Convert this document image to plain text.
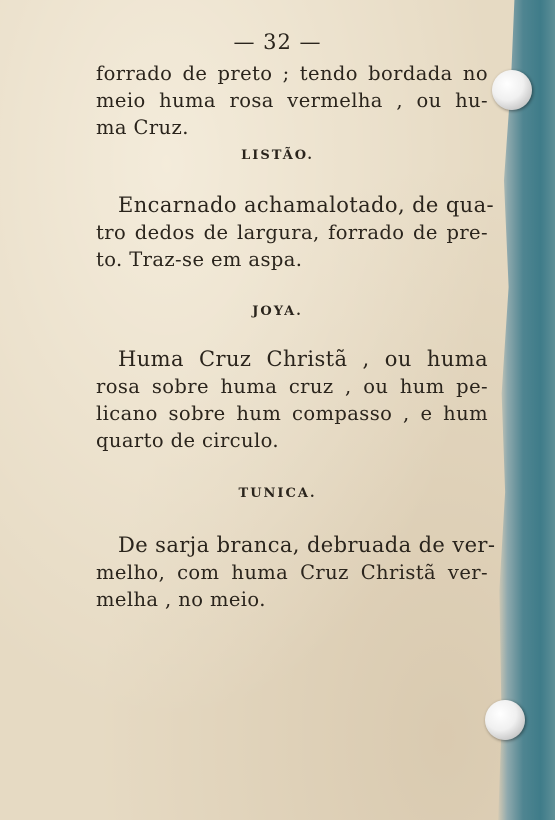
— 32 —
forrado de preto ; tendo bordada no
meio huma rosa vermelha , ou hu-
ma Cruz.
LISTÃO.
Encarnado achamalotado, de qua-
tro dedos de largura, forrado de pre-
to. Traz-se em aspa.
JOYA.
Huma Cruz Christã , ou huma
rosa sobre huma cruz , ou hum pe-
licano sobre hum compasso , e hum
quarto de circulo.
TUNICA.
De sarja branca, debruada de ver-
melho, com huma Cruz Christã ver-
melha , no meio.
